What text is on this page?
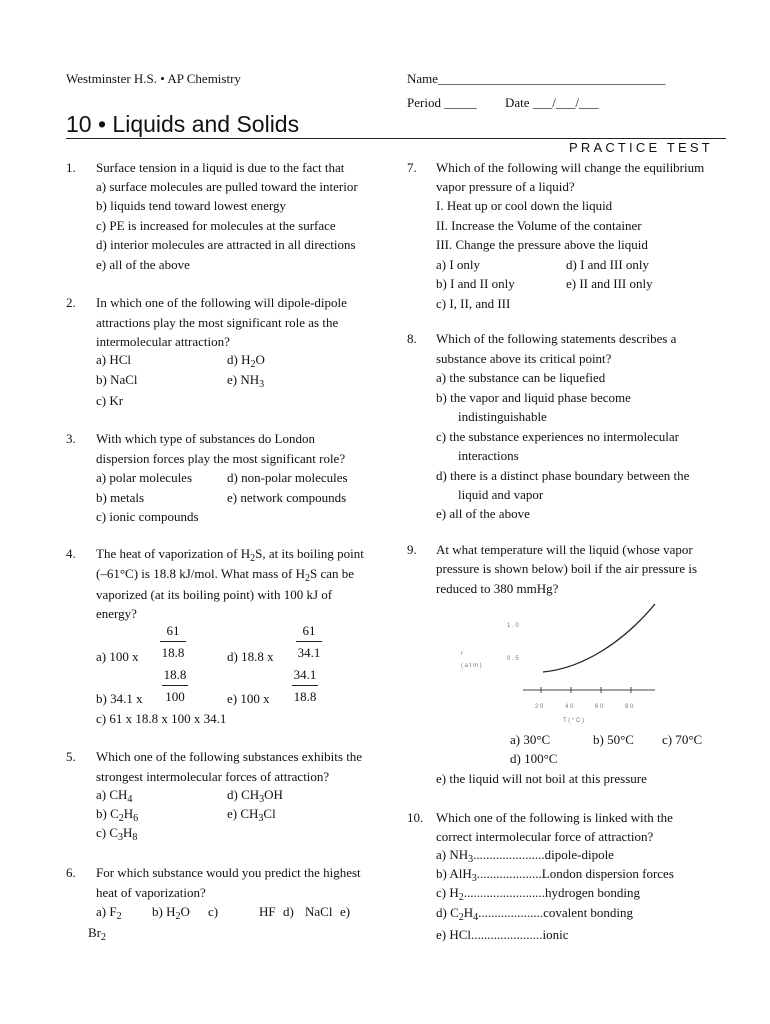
Westminster H.S. • AP Chemistry	Name___________________________________
Period _____ Date ___/___/___
10 • Liquids and Solids
PRACTICE TEST
1. Surface tension in a liquid is due to the fact that
a) surface molecules are pulled toward the interior
b) liquids tend toward lowest energy
c) PE is increased for molecules at the surface
d) interior molecules are attracted in all directions
e) all of the above
2. In which one of the following will dipole-dipole
attractions play the most significant role as the
intermolecular attraction?
a) HCl	d) $H_2O$
b) NaCl	e) $NH_3$
c) Kr
3. With which type of substances do London
dispersion forces play the most significant role?
a) polar molecules	d) non-polar molecules
b) metals	e) network compounds
c) ionic compounds
4. The heat of vaporization of $H_2S$, at its boiling point
(–61°C) is 18.8 kJ/mol. What mass of $H_2S$ can be
vaporized (at its boiling point) with 100 kJ of
energy?
a) 100 x $\frac{61}{18.8}$	d) 18.8 x $\frac{61}{34.1}$
b) 34.1 x $\frac{18.8}{100}$	e) 100 x $\frac{34.1}{18.8}$
c) 61 x 18.8 x 100 x 34.1
5. Which one of the following substances exhibits the
strongest intermolecular forces of attraction?
a) $CH_4$	d) $CH_3OH$
b) $C_2H_6$	e) $CH_3Cl$
c) $C_3H_8$
6. For which substance would you predict the highest
heat of vaporization?
a) $F_2$ b) $H_2O$ c)	HF d) NaCl e)
$Br_2$
7. Which of the following will change the equilibrium
vapor pressure of a liquid?
I. Heat up or cool down the liquid
II. Increase the Volume of the container
III. Change the pressure above the liquid
a) I only	d) I and III only
b) I and II only	e) II and III only
c) I, II, and III
8. Which of the following statements describes a
substance above its critical point?
a) the substance can be liquefied
b) the vapor and liquid phase become
indistinguishable
c) the substance experiences no intermolecular
interactions
d) there is a distinct phase boundary between the
liquid and vapor
e) all of the above
9. At what temperature will the liquid (whose vapor
pressure is shown below) boil if the air pressure is
reduced to 380 mmHg?
1 . 0
r
0 . 5
( a t m )
2 0	4 0	6 0	8 0
T ( ° C )
a) 30°C	b) 50°C c) 70°C
d) 100°C
e) the liquid will not boil at this pressure
10. Which one of the following is linked with the
correct intermolecular force of attraction?
a) $NH_3......................dipole$-dipole
b) AlH$_3$....................London dispersion forces
c) $H_2.........................hydrogen$ bonding
d) $C_2H_4....................covalent$ bonding
e) HCl......................ionic
